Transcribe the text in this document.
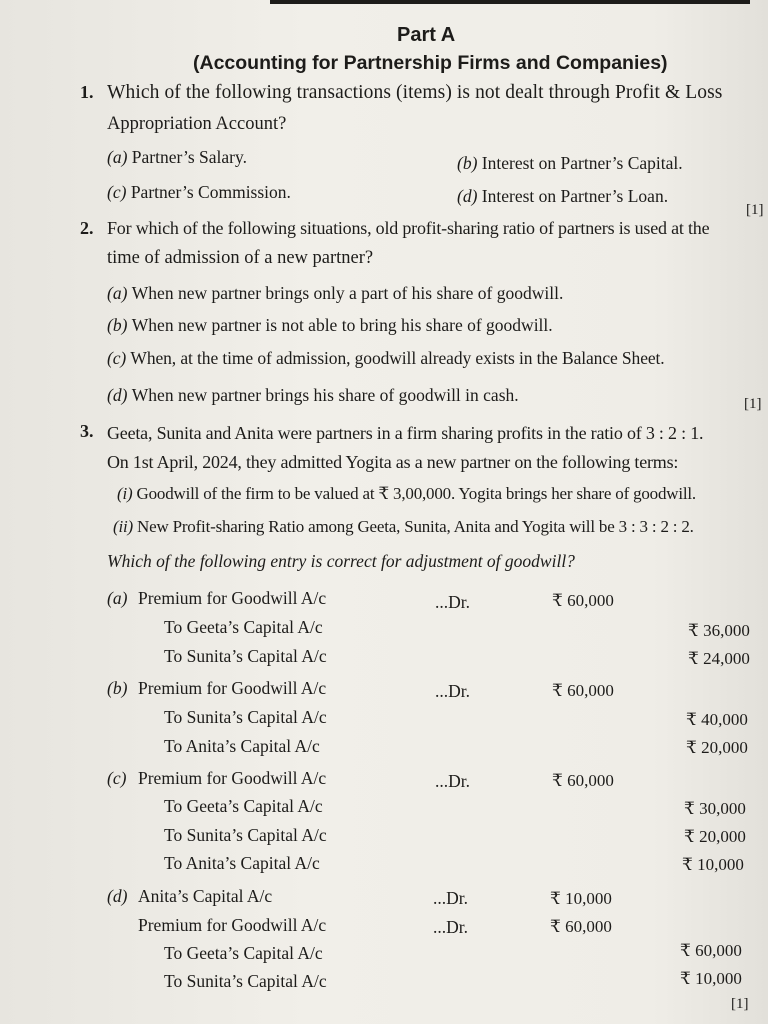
Part A
(Accounting for Partnership Firms and Companies)
1. Which of the following transactions (items) is not dealt through Profit & Loss
Appropriation Account?
(a) Partner’s Salary.	(b) Interest on Partner’s Capital.
(c) Partner’s Commission.	(d) Interest on Partner’s Loan.
[1]
2. For which of the following situations, old profit-sharing ratio of partners is used at the
time of admission of a new partner?
(a) When new partner brings only a part of his share of goodwill.
(b) When new partner is not able to bring his share of goodwill.
(c) When, at the time of admission, goodwill already exists in the Balance Sheet.
(d) When new partner brings his share of goodwill in cash.	[1]
3. Geeta, Sunita and Anita were partners in a firm sharing profits in the ratio of 3 : 2 : 1.
On 1st April, 2024, they admitted Yogita as a new partner on the following terms:
(i) Goodwill of the firm to be valued at ₹ 3,00,000. Yogita brings her share of goodwill.
(ii) New Profit-sharing Ratio among Geeta, Sunita, Anita and Yogita will be 3 : 3 : 2 : 2.
Which of the following entry is correct for adjustment of goodwill?
(a) Premium for Goodwill A/c	...Dr.	₹ 60,000
To Geeta’s Capital A/c	₹ 36,000
To Sunita’s Capital A/c	₹ 24,000
(b) Premium for Goodwill A/c	...Dr.	₹ 60,000
To Sunita’s Capital A/c	₹ 40,000
To Anita’s Capital A/c	₹ 20,000
(c) Premium for Goodwill A/c	...Dr.	₹ 60,000
To Geeta’s Capital A/c	₹ 30,000
To Sunita’s Capital A/c	₹ 20,000
To Anita’s Capital A/c	₹ 10,000
(d) Anita’s Capital A/c	...Dr.	₹ 10,000
Premium for Goodwill A/c	...Dr.	₹ 60,000
To Geeta’s Capital A/c	₹ 60,000
To Sunita’s Capital A/c	₹ 10,000
[1]
